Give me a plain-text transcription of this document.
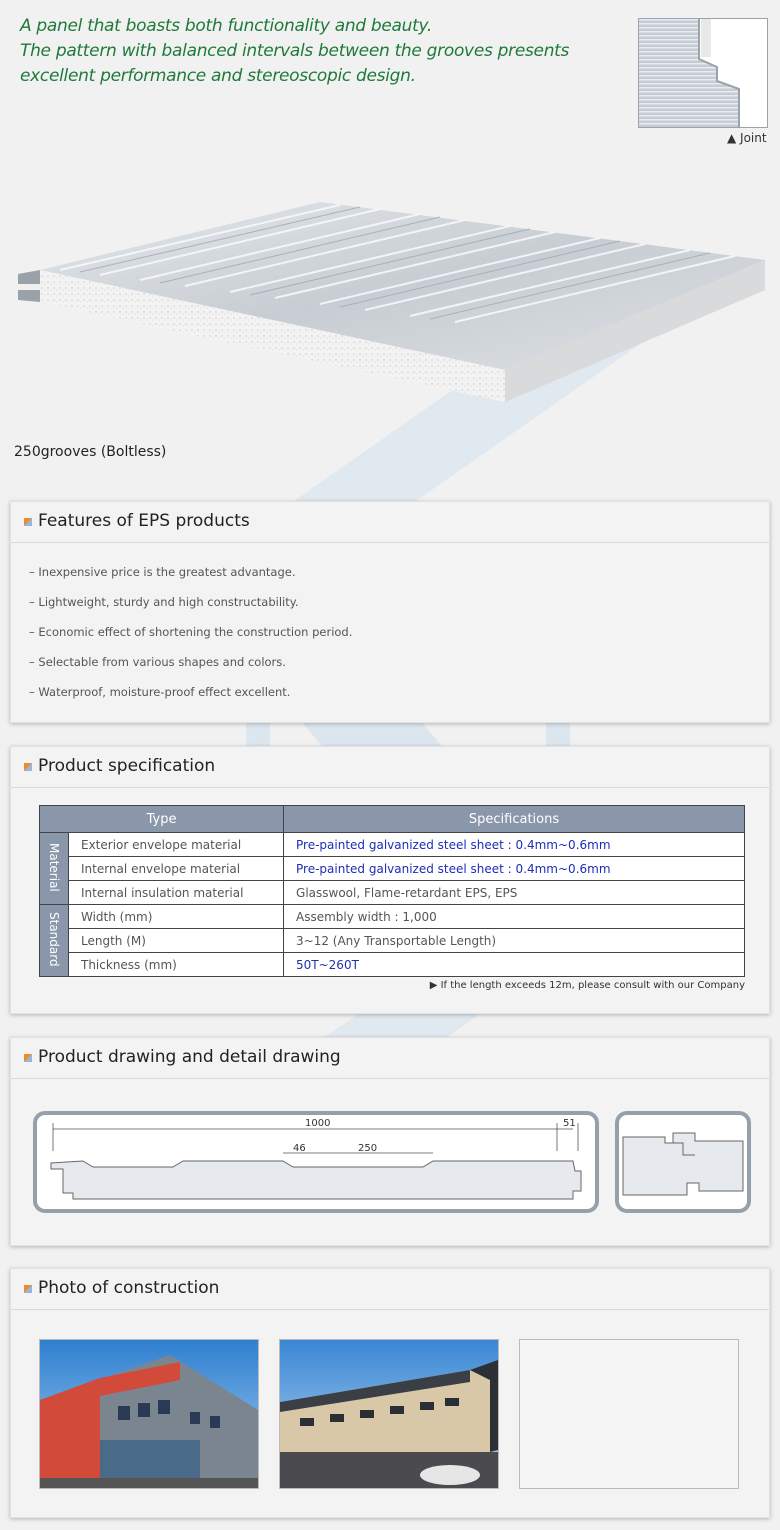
A panel that boasts both functionality and beauty.
The pattern with balanced intervals between the grooves presents
excellent performance and stereoscopic design.
▲ Joint
250grooves (Boltless)
Features of EPS products
– Inexpensive price is the greatest advantage.
– Lightweight, sturdy and high constructability.
– Economic effect of shortening the construction period.
– Selectable from various shapes and colors.
– Waterproof, moisture-proof effect excellent.
Product specification
Type		Specifications
Material	Exterior envelope material	Pre-painted galvanized steel sheet : 0.4mm~0.6mm
	Internal envelope material	Pre-painted galvanized steel sheet : 0.4mm~0.6mm
	Internal insulation material	Glasswool, Flame-retardant EPS, EPS
Standard	Width (mm)	Assembly width : 1,000
	Length (M)	3~12 (Any Transportable Length)
	Thickness (mm)	50T~260T
▶ If the length exceeds 12m, please consult with our Company
Product drawing and detail drawing
1000	51
46	250
Photo of construction
